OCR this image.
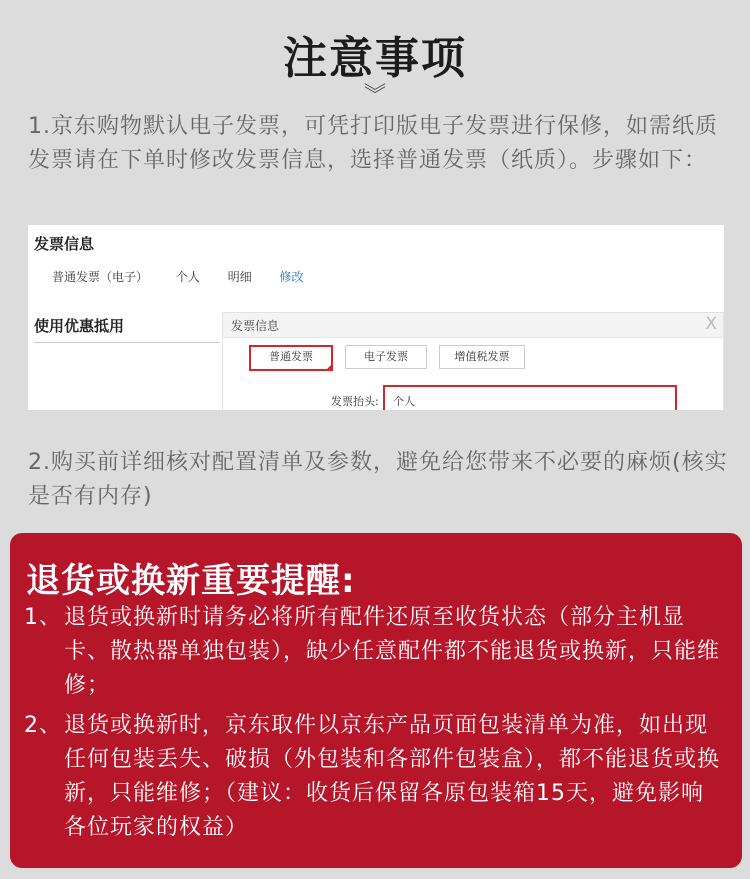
注意事项
︾
1.京东购物默认电子发票，可凭打印版电子发票进行保修，如需纸质发票请在下单时修改发票信息，选择普通发票（纸质）。步骤如下：
发票信息
普通发票（电子） 个人 明细 修改
使用优惠抵用	发票信息	X
普通发票	电子发票	增值税发票
发票抬头:	个人
2.购买前详细核对配置清单及参数，避免给您带来不必要的麻烦(核实是否有内存)
退货或换新重要提醒:
1、 退货或换新时请务必将所有配件还原至收货状态（部分主机显卡、散热器单独包装），缺少任意配件都不能退货或换新，只能维修；
2、 退货或换新时，京东取件以京东产品页面包装清单为准，如出现任何包装丢失、破损（外包装和各部件包装盒），都不能退货或换新，只能维修；（建议：收货后保留各原包装箱15天，避免影响各位玩家的权益）
